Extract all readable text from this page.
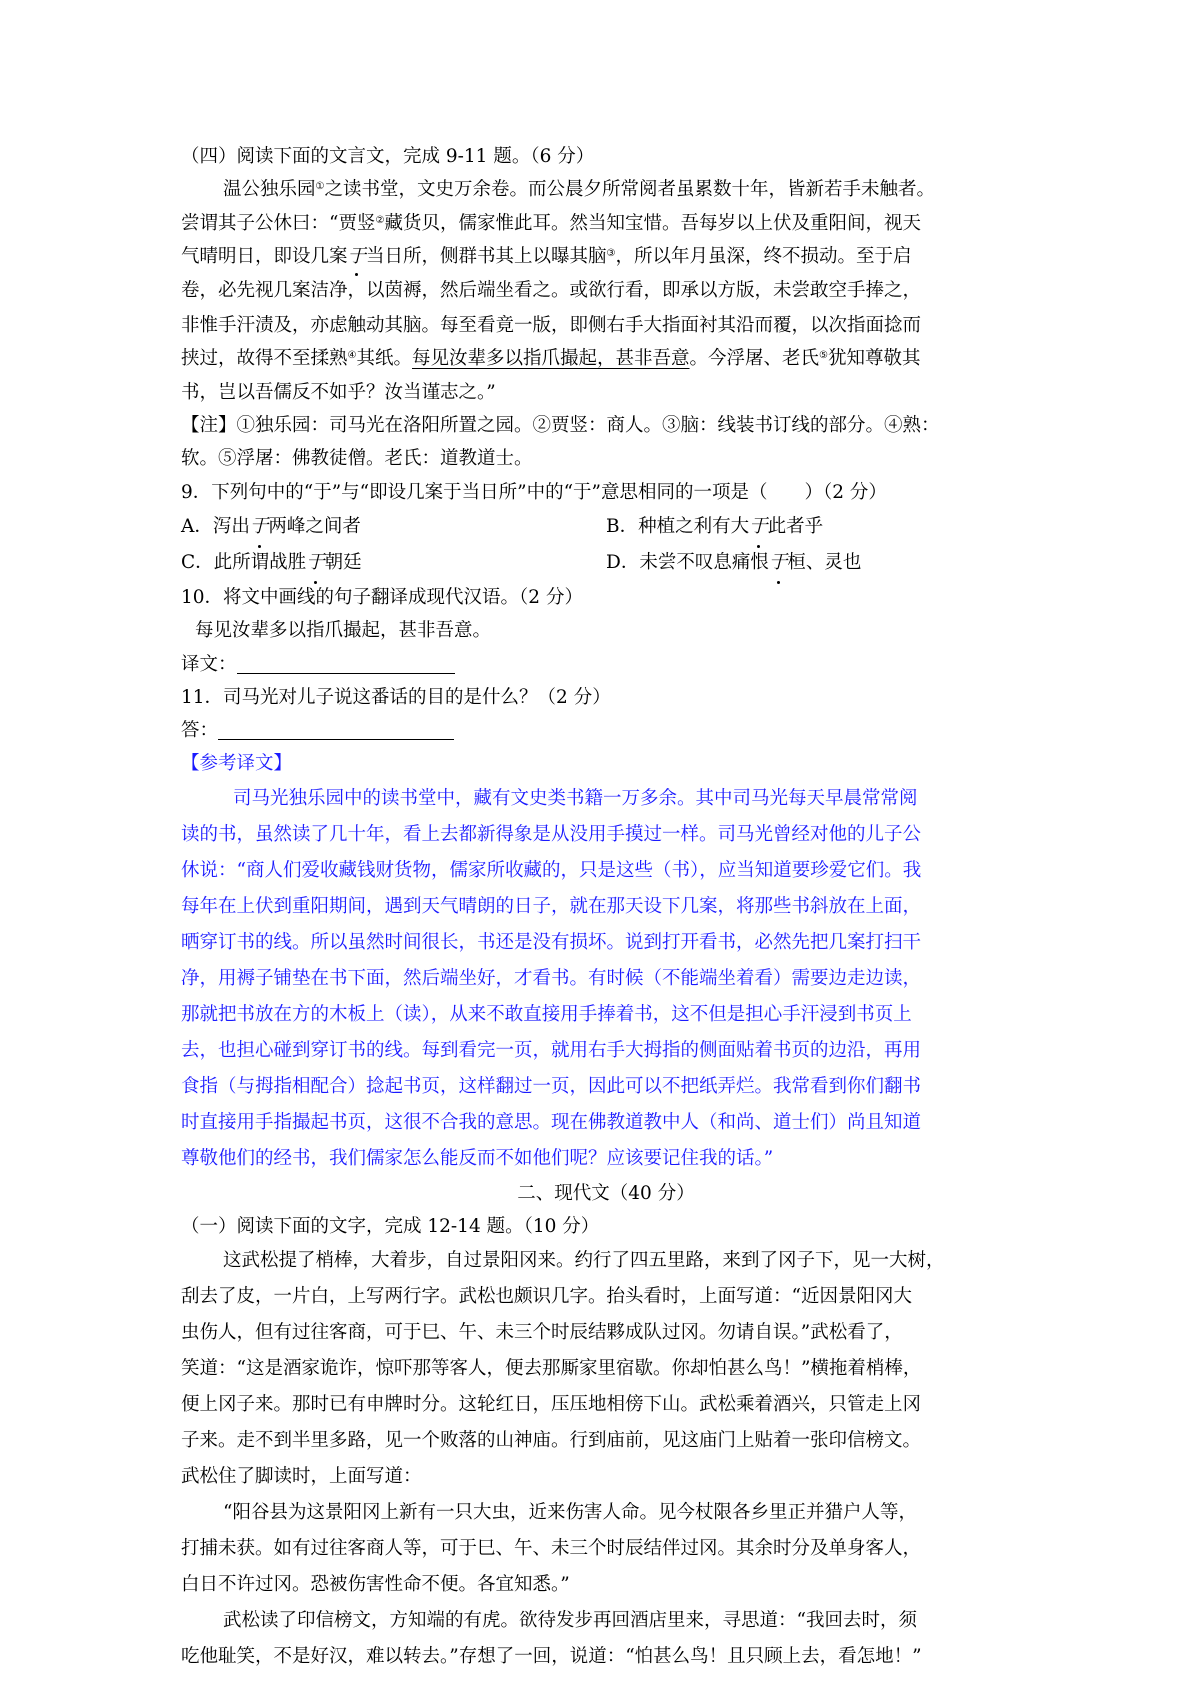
（四）阅读下面的文言文，完成 9-11 题。（6 分）
温公独乐园①之读书堂，文史万余卷。而公晨夕所常阅者虽累数十年，皆新若手未触者。
尝谓其子公休曰：“贾竖②藏货贝，儒家惟此耳。然当知宝惜。吾每岁以上伏及重阳间，视天
气晴明日，即设几案于当日所，侧群书其上以曝其脑③，所以年月虽深，终不损动。至于启
卷，必先视几案洁净，以茵褥，然后端坐看之。或欲行看，即承以方版，未尝敢空手捧之，
非惟手汗渍及，亦虑触动其脑。每至看竟一版，即侧右手大指面衬其沿而覆，以次指面捻而
挟过，故得不至揉熟④其纸。每见汝辈多以指爪撮起，甚非吾意。今浮屠、老氏⑤犹知尊敬其
书，岂以吾儒反不如乎？汝当谨志之。”
【注】①独乐园：司马光在洛阳所置之园。②贾竖：商人。③脑：线装书订线的部分。④熟：
软。⑤浮屠：佛教徒僧。老氏：道教道士。
9．下列句中的“于”与“即设几案于当日所”中的“于”意思相同的一项是（　　）（2 分）
A．泻出于两峰之间者	B．种植之利有大于此者乎
C．此所谓战胜于朝廷	D．未尝不叹息痛恨于桓、灵也
10．将文中画线的句子翻译成现代汉语。（2 分）
每见汝辈多以指爪撮起，甚非吾意。
译文：
11．司马光对儿子说这番话的目的是什么？（2 分）
答：
【参考译文】
司马光独乐园中的读书堂中，藏有文史类书籍一万多余。其中司马光每天早晨常常阅
读的书，虽然读了几十年，看上去都新得象是从没用手摸过一样。司马光曾经对他的儿子公
休说：“商人们爱收藏钱财货物，儒家所收藏的，只是这些（书），应当知道要珍爱它们。我
每年在上伏到重阳期间，遇到天气晴朗的日子，就在那天设下几案，将那些书斜放在上面，
晒穿订书的线。所以虽然时间很长，书还是没有损坏。说到打开看书，必然先把几案打扫干
净，用褥子铺垫在书下面，然后端坐好，才看书。有时候（不能端坐着看）需要边走边读，
那就把书放在方的木板上（读），从来不敢直接用手捧着书，这不但是担心手汗浸到书页上
去，也担心碰到穿订书的线。每到看完一页，就用右手大拇指的侧面贴着书页的边沿，再用
食指（与拇指相配合）捻起书页，这样翻过一页，因此可以不把纸弄烂。我常看到你们翻书
时直接用手指撮起书页，这很不合我的意思。现在佛教道教中人（和尚、道士们）尚且知道
尊敬他们的经书，我们儒家怎么能反而不如他们呢？应该要记住我的话。”
二、现代文（40 分）
（一）阅读下面的文字，完成 12-14 题。（10 分）
这武松提了梢棒，大着步，自过景阳冈来。约行了四五里路，来到了冈子下，见一大树，
刮去了皮，一片白，上写两行字。武松也颇识几字。抬头看时，上面写道：“近因景阳冈大
虫伤人，但有过往客商，可于巳、午、未三个时辰结夥成队过冈。勿请自误。”武松看了，
笑道：“这是酒家诡诈，惊吓那等客人，便去那厮家里宿歇。你却怕甚么鸟！”横拖着梢棒，
便上冈子来。那时已有申牌时分。这轮红日，压压地相傍下山。武松乘着酒兴，只管走上冈
子来。走不到半里多路，见一个败落的山神庙。行到庙前，见这庙门上贴着一张印信榜文。
武松住了脚读时，上面写道：
“阳谷县为这景阳冈上新有一只大虫，近来伤害人命。见今杖限各乡里正并猎户人等，
打捕未获。如有过往客商人等，可于巳、午、未三个时辰结伴过冈。其余时分及单身客人，
白日不许过冈。恐被伤害性命不便。各宜知悉。”
武松读了印信榜文，方知端的有虎。欲待发步再回酒店里来，寻思道：“我回去时，须
吃他耻笑，不是好汉，难以转去。”存想了一回，说道：“怕甚么鸟！且只顾上去，看怎地！”
